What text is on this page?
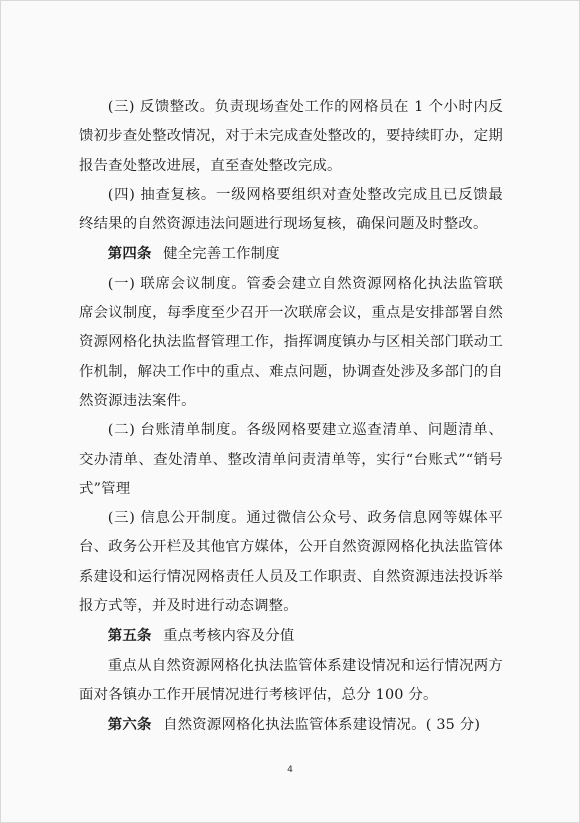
(三) 反馈整改。负责现场查处工作的网格员在 1 个小时内反馈初步查处整改情况，对于未完成查处整改的，要持续盯办，定期报告查处整改进展，直至查处整改完成。

(四) 抽查复核。一级网格要组织对查处整改完成且已反馈最终结果的自然资源违法问题进行现场复核，确保问题及时整改。

第四条 健全完善工作制度

(一) 联席会议制度。管委会建立自然资源网格化执法监管联席会议制度，每季度至少召开一次联席会议，重点是安排部署自然资源网格化执法监督管理工作，指挥调度镇办与区相关部门联动工作机制，解决工作中的重点、难点问题，协调查处涉及多部门的自然资源违法案件。

(二) 台账清单制度。各级网格要建立巡查清单、问题清单、交办清单、查处清单、整改清单问责清单等，实行“台账式”“销号式”管理

(三) 信息公开制度。通过微信公众号、政务信息网等媒体平台、政务公开栏及其他官方媒体，公开自然资源网格化执法监管体系建设和运行情况网格责任人员及工作职责、自然资源违法投诉举报方式等，并及时进行动态调整。

第五条 重点考核内容及分值

重点从自然资源网格化执法监管体系建设情况和运行情况两方面对各镇办工作开展情况进行考核评估，总分 100 分。

第六条 自然资源网格化执法监管体系建设情况。( 35 分)

4
